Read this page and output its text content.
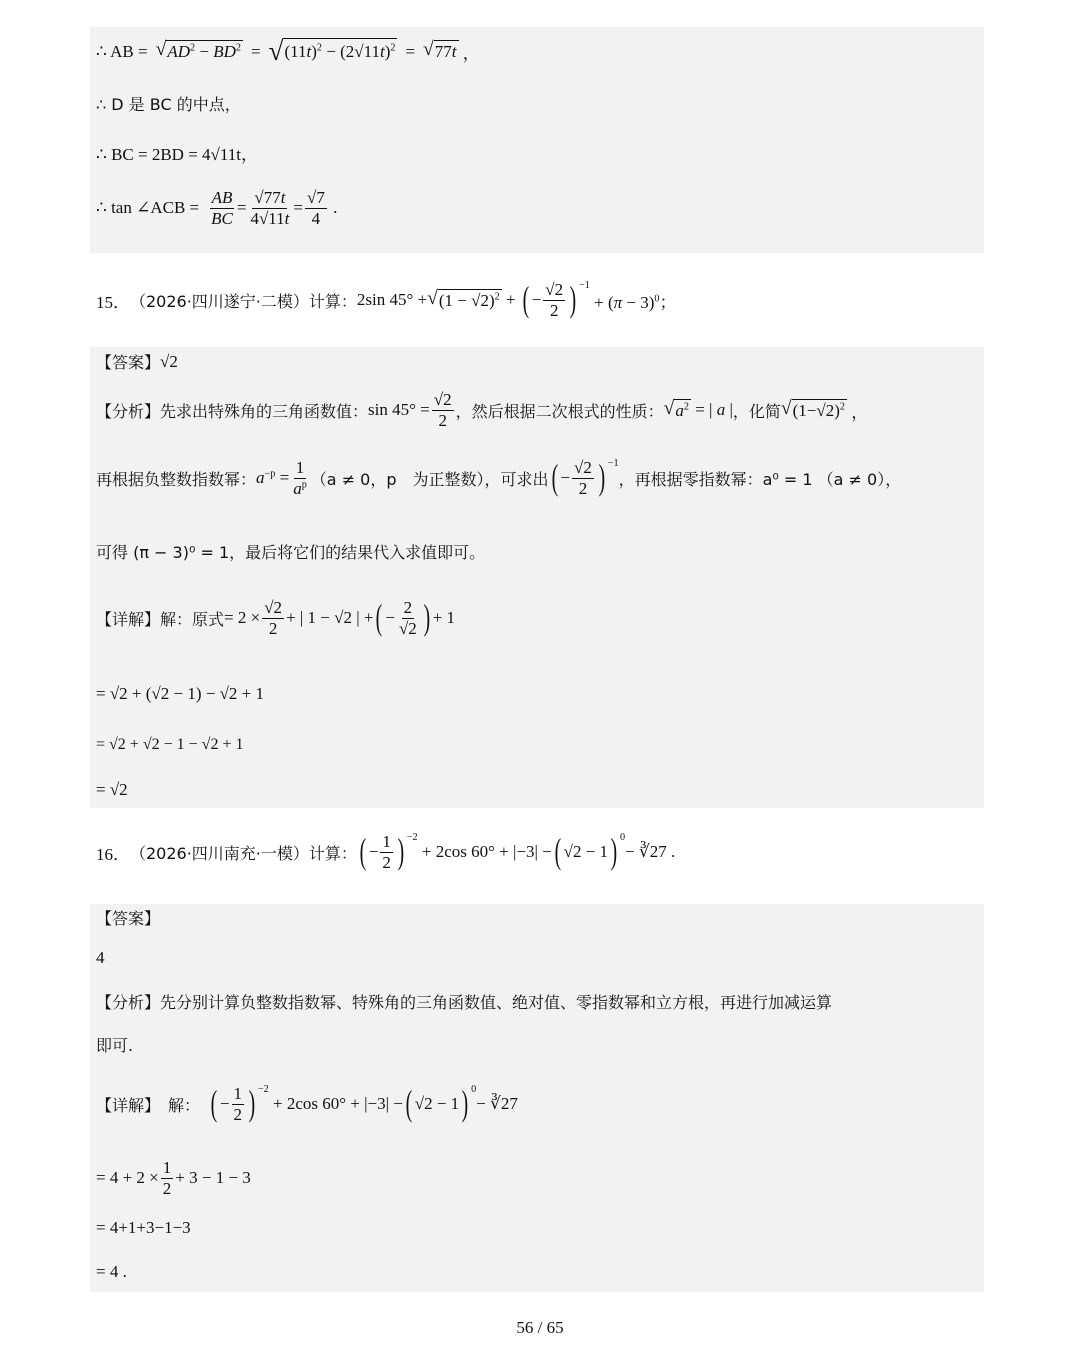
∴ AB = √ $AD^2 - BD^2$ = √ $(11t)^2 - (2√11t)^2$ = √ 77t ，
∴ D 是 BC 的中点，
∴ BC = 2BD = 4√11t，
∴ tan ∠ACB = $\frac{AB}{BC} = \frac{√77t}{4√11t} = \frac{√7}{4}$ .
15． （2026·四川遂宁·二模）计算： 2sin 45° + √ $(1 - √2)^2$ + ( − $\frac{√2}{2}$ ) $^{-1}$
+ $(\pi - 3)^0$；
【答案】 √2
【分析】 先求出特殊角的三角函数值： $\sin 45^\circ = \frac{√2}{2}$ ，然后根据二次根式的性质： √ $a^2$ = | a | ，化简 √ $(1-√2)^2$ ，
再根据负整数指数幂： $a^{-p} = \frac{1}{a^p} (a \ne 0$，p　为正整数），可求出 ( − $\frac{√2}{2}$ ) $^{-1}$
，再根据零指数幂：a⁰ = 1 （a ≠ 0），
可得 (π − 3)⁰ = 1，最后将它们的结果代入求值即可。
【详解】 解：原式 = $2 \times \frac{√2}{2}$ + | 1 − √2 | + ( − $\frac{2}{√2}$ ) + 1
= √2 + (√2 − 1) − √2 + 1
= √2 + √2 − 1 − √2 + 1
= √2
16． （2026·四川南充·一模）计算： ( − $\frac{1}{2}$ ) $^{-2}$
+ 2cos 60° + |−3| − ( √2 − 1 ) $^0$
− ∛27 .
【答案】
4
【分析】 先分别计算负整数指数幂、特殊角的三角函数值、绝对值、零指数幂和立方根，再进行加减运算
即可.
【详解】 解： ( − $\frac{1}{2}$ ) $^{-2}$
+ 2cos 60° + |−3| − ( √2 − 1 ) $^0$
− ∛27
= $4 + 2 \times \frac{1}{2} + 3 - 1 - 3$
= 4+1+3−1−3
= 4 .
56 / 65
